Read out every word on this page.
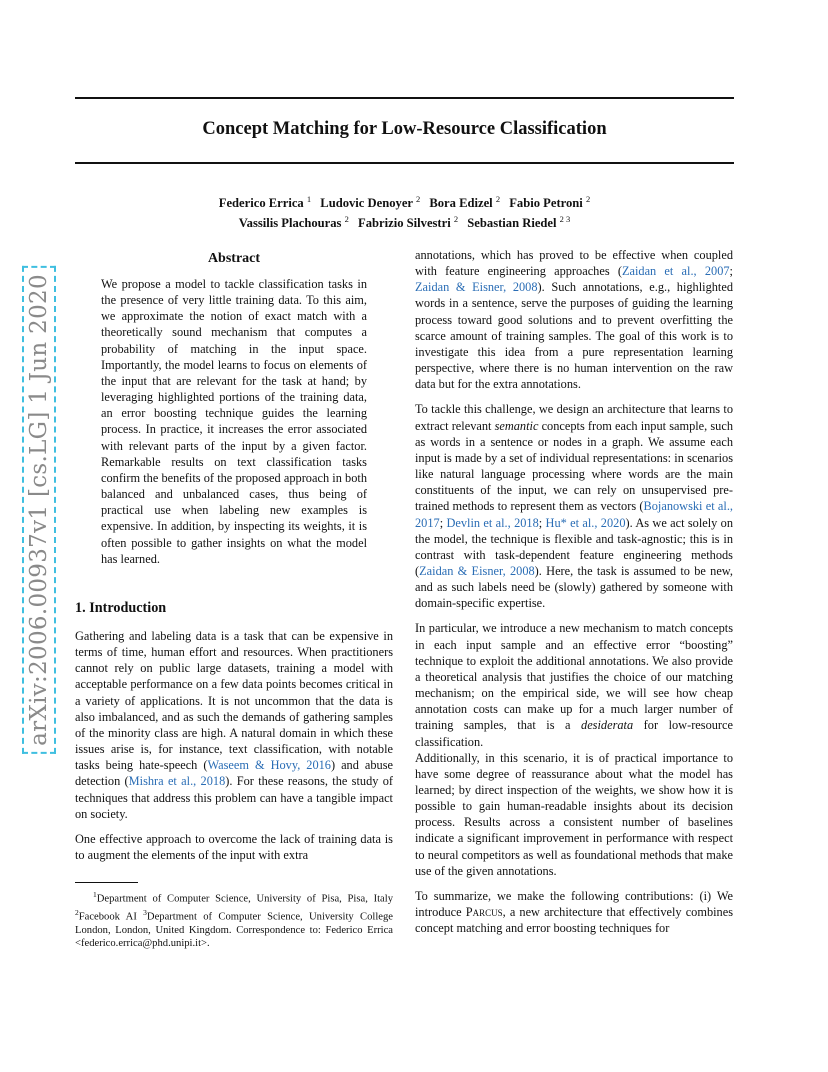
arXiv:2006.00937v1 [cs.LG] 1 Jun 2020
Concept Matching for Low-Resource Classification
Federico Errica $^1$ Ludovic Denoyer $^2$ Bora Edizel $^2$ Fabio Petroni $^2$
Vassilis Plachouras $^2$ Fabrizio Silvestri $^2$ Sebastian Riedel $^{2 3}$
Abstract
We propose a model to tackle classification tasks in the presence of very little training data. To this aim, we approximate the notion of exact match with a theoretically sound mechanism that computes a probability of matching in the input space. Importantly, the model learns to focus on elements of the input that are relevant for the task at hand; by leveraging highlighted portions of the training data, an error boosting technique guides the learning process. In practice, it increases the error associated with relevant parts of the input by a given factor. Remarkable results on text classification tasks confirm the benefits of the proposed approach in both balanced and unbalanced cases, thus being of practical use when labeling new examples is expensive. In addition, by inspecting its weights, it is often possible to gather insights on what the model has learned.
1. Introduction

Gathering and labeling data is a task that can be expensive in terms of time, human effort and resources. When practitioners cannot rely on public large datasets, training a model with acceptable performance on a few data points becomes critical in a variety of applications. It is not uncommon that the data is also imbalanced, and as such the demands of gathering samples of the minority class are high. A natural domain in which these issues arise is, for instance, text classification, with notable tasks being hate-speech (Waseem & Hovy, 2016) and abuse detection (Mishra et al., 2018). For these reasons, the study of techniques that address this problem can have a tangible impact on society.

One effective approach to overcome the lack of training data is to augment the elements of the input with extra

$^1$Department of Computer Science, University of Pisa, Pisa, Italy $^2$Facebook AI $^3$Department of Computer Science, University College London, London, United Kingdom. Correspondence to: Federico Errica <federico.errica@phd.unipi.it>.

annotations, which has proved to be effective when coupled with feature engineering approaches (Zaidan et al., 2007; Zaidan & Eisner, 2008). Such annotations, e.g., highlighted words in a sentence, serve the purposes of guiding the learning process toward good solutions and to prevent overfitting the scarce amount of training samples. The goal of this work is to investigate this idea from a pure representation learning perspective, where there is no human intervention on the raw data but for the extra annotations.

To tackle this challenge, we design an architecture that learns to extract relevant semantic concepts from each input sample, such as words in a sentence or nodes in a graph. We assume each input is made by a set of individual representations: in scenarios like natural language processing where words are the main constituents of the input, we can rely on unsupervised pre-trained methods to represent them as vectors (Bojanowski et al., 2017; Devlin et al., 2018; Hu* et al., 2020). As we act solely on the model, the technique is flexible and task-agnostic; this is in contrast with task-dependent feature engineering methods (Zaidan & Eisner, 2008). Here, the task is assumed to be new, and as such labels need be (slowly) gathered by someone with domain-specific expertise.

In particular, we introduce a new mechanism to match concepts in each input sample and an effective error “boosting” technique to exploit the additional annotations. We also provide a theoretical analysis that justifies the choice of our matching mechanism; on the empirical side, we will see how cheap annotation costs can make up for a much larger number of training samples, that is a desiderata for low-resource classification.

Additionally, in this scenario, it is of practical importance to have some degree of reassurance about what the model has learned; by direct inspection of the weights, we show how it is possible to gain human-readable insights about its decision process. Results across a consistent number of baselines indicate a significant improvement in performance with respect to neural competitors as well as foundational methods that make use of the given annotations.

To summarize, we make the following contributions: (i) We introduce Parcus, a new architecture that effectively combines concept matching and error boosting techniques for
